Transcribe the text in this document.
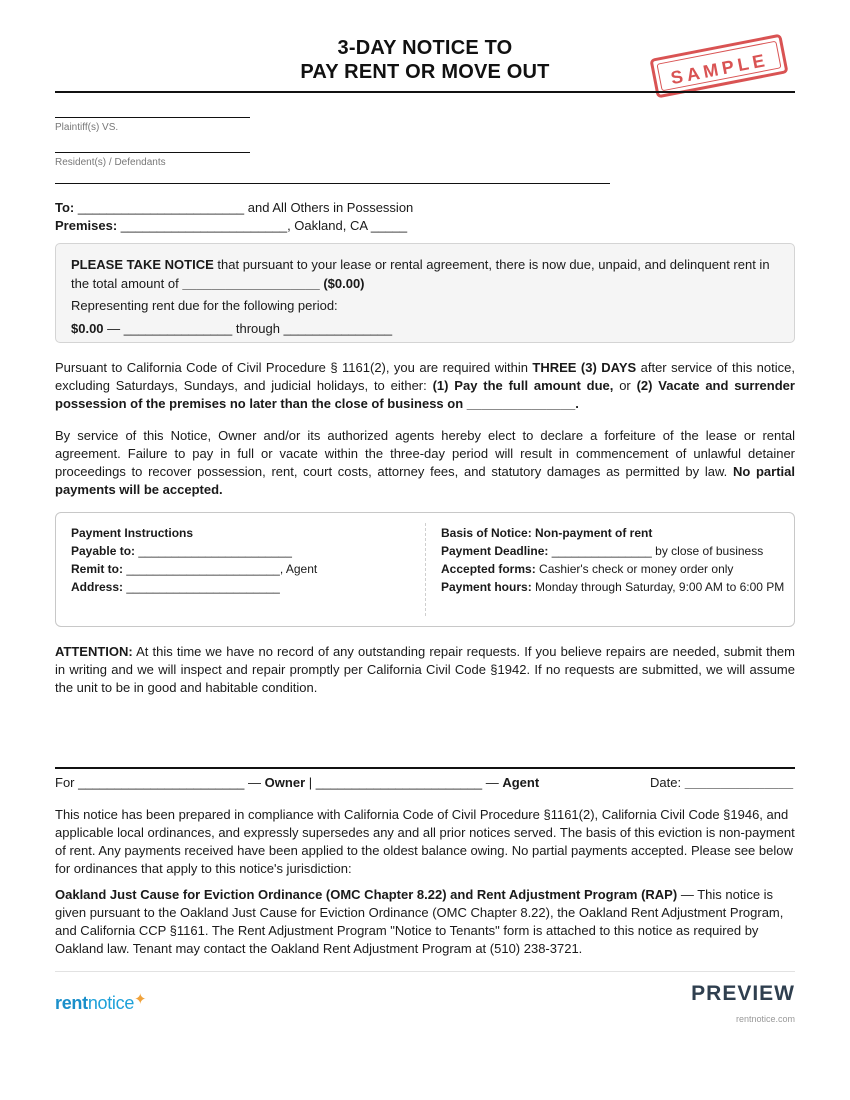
3-DAY NOTICE TO
PAY RENT OR MOVE OUT	SAMPLE
Plaintiff(s) VS.
Resident(s) / Defendants
To: _______________________ and All Others in Possession
Premises: _______________________, Oakland, CA _____

PLEASE TAKE NOTICE that pursuant to your lease or rental agreement, there is now due, unpaid, and delinquent rent in the total amount of ___________________ ($0.00)

Representing rent due for the following period:

$0.00 — _______________ through _______________

Pursuant to California Code of Civil Procedure § 1161(2), you are required within THREE (3) DAYS after service of this notice, excluding Saturdays, Sundays, and judicial holidays, to either: (1) Pay the full amount due, or (2) Vacate and surrender possession of the premises no later than the close of business on _______________.

By service of this Notice, Owner and/or its authorized agents hereby elect to declare a forfeiture of the lease or rental agreement. Failure to pay in full or vacate within the three-day period will result in commencement of unlawful detainer proceedings to recover possession, rent, court costs, attorney fees, and statutory damages as permitted by law. No partial payments will be accepted.

Payment Instructions
Payable to: _______________________
Remit to: _______________________, Agent
Address: _______________________
Basis of Notice: Non-payment of rent
Payment Deadline: _______________ by close of business
Accepted forms: Cashier's check or money order only
Payment hours: Monday through Saturday, 9:00 AM to 6:00 PM

ATTENTION: At this time we have no record of any outstanding repair requests. If you believe repairs are needed, submit them in writing and we will inspect and repair promptly per California Civil Code §1942. If no requests are submitted, we will assume the unit to be in good and habitable condition.

For _______________________ — Owner | _______________________ — Agent	Date: _______________

This notice has been prepared in compliance with California Code of Civil Procedure §1161(2), California Civil Code §1946, and applicable local ordinances, and expressly supersedes any and all prior notices served. The basis of this eviction is non-payment of rent. Any payments received have been applied to the oldest balance owing. No partial payments accepted. Please see below for ordinances that apply to this notice's jurisdiction:

Oakland Just Cause for Eviction Ordinance (OMC Chapter 8.22) and Rent Adjustment Program (RAP) — This notice is given pursuant to the Oakland Just Cause for Eviction Ordinance (OMC Chapter 8.22), the Oakland Rent Adjustment Program, and California CCP §1161. The Rent Adjustment Program "Notice to Tenants" form is attached to this notice as required by Oakland law. Tenant may contact the Oakland Rent Adjustment Program at (510) 238-3721.

rentnotice✦	PREVIEW
rentnotice.com
